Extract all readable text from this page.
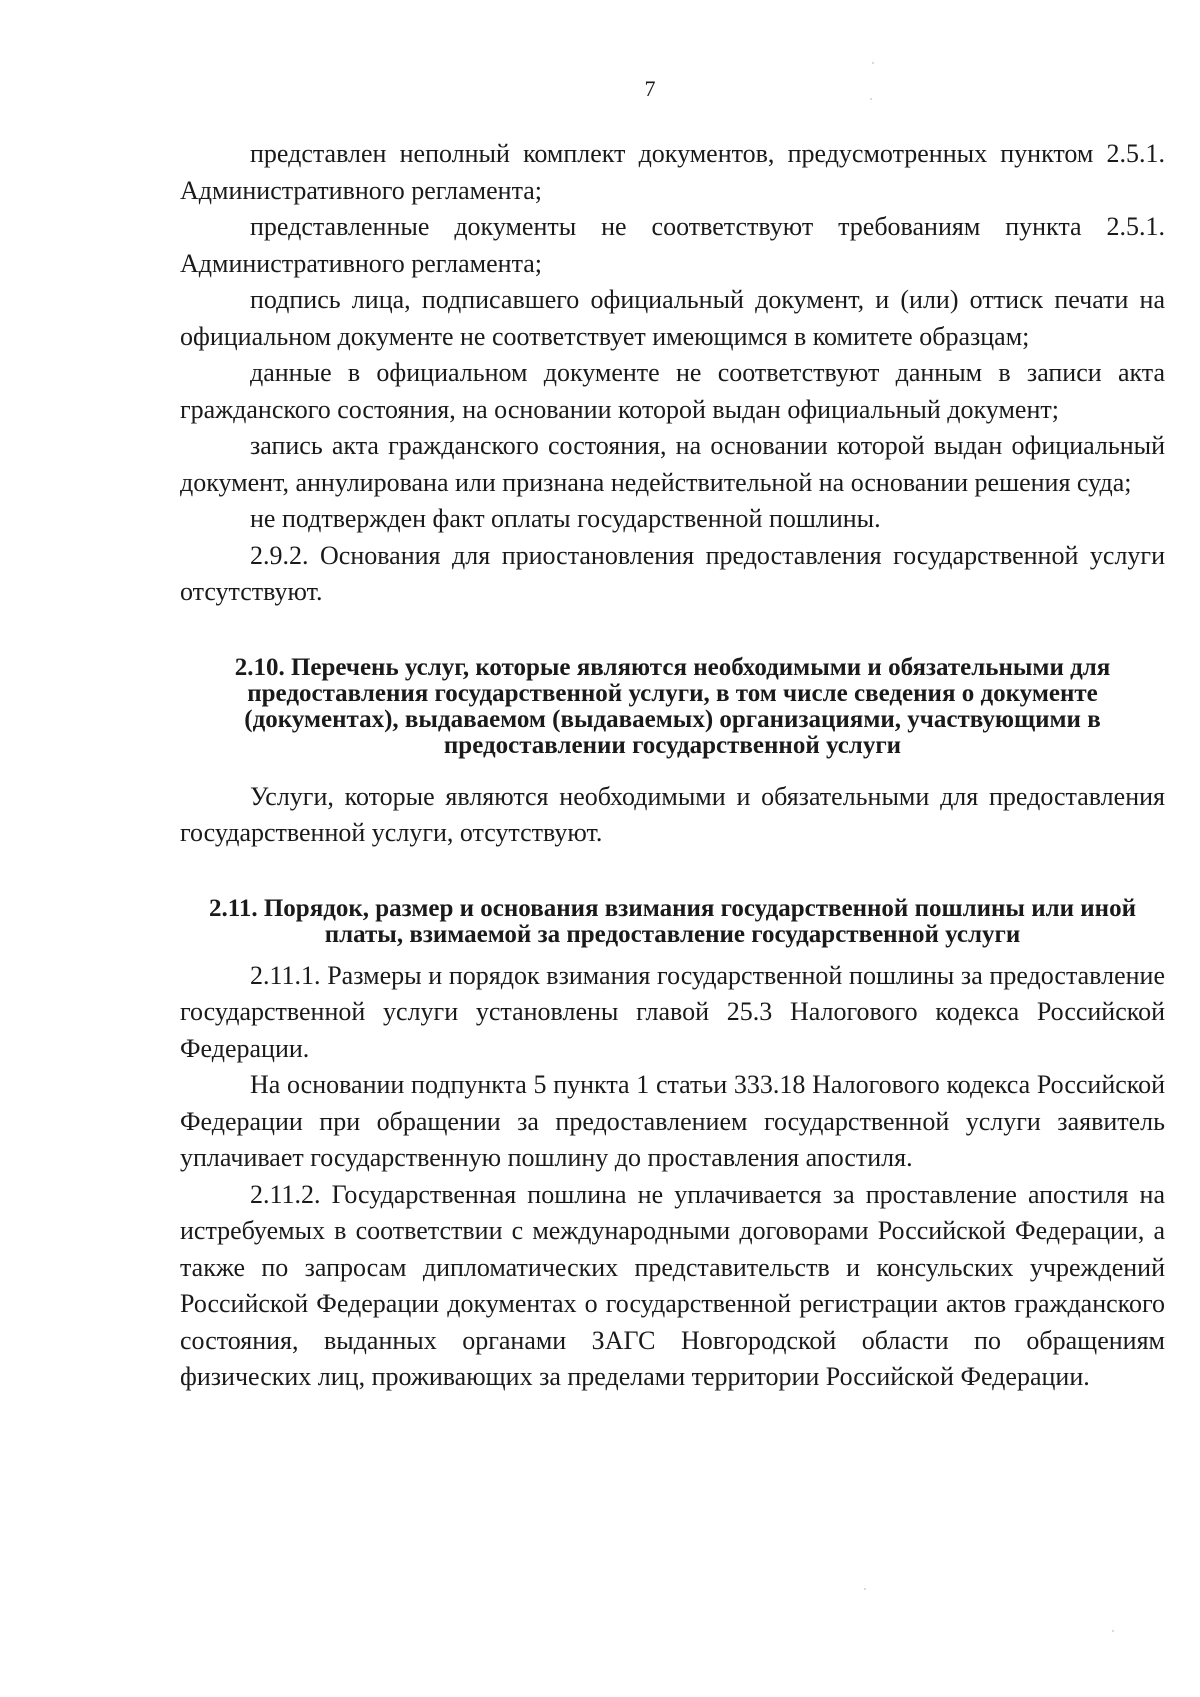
7

представлен неполный комплект документов, предусмотренных пунктом 2.5.1. Административного регламента;

представленные документы не соответствуют требованиям пункта 2.5.1. Административного регламента;

подпись лица, подписавшего официальный документ, и (или) оттиск печати на официальном документе не соответствует имеющимся в комитете образцам;

данные в официальном документе не соответствуют данным в записи акта гражданского состояния, на основании которой выдан официальный документ;

запись акта гражданского состояния, на основании которой выдан официальный документ, аннулирована или признана недействительной на основании решения суда;

не подтвержден факт оплаты государственной пошлины.

2.9.2. Основания для приостановления предоставления государственной услуги отсутствуют.

2.10. Перечень услуг, которые являются необходимыми и обязательными для предоставления государственной услуги, в том числе сведения о документе (документах), выдаваемом (выдаваемых) организациями, участвующими в предоставлении государственной услуги

Услуги, которые являются необходимыми и обязательными для предоставления государственной услуги, отсутствуют.

2.11. Порядок, размер и основания взимания государственной пошлины или иной платы, взимаемой за предоставление государственной услуги

2.11.1. Размеры и порядок взимания государственной пошлины за предоставление государственной услуги установлены главой 25.3 Налогового кодекса Российской Федерации.

На основании подпункта 5 пункта 1 статьи 333.18 Налогового кодекса Российской Федерации при обращении за предоставлением государственной услуги заявитель уплачивает государственную пошлину до проставления апостиля.

2.11.2. Государственная пошлина не уплачивается за проставление апостиля на истребуемых в соответствии с международными договорами Российской Федерации, а также по запросам дипломатических представительств и консульских учреждений Российской Федерации документах о государственной регистрации актов гражданского состояния, выданных органами ЗАГС Новгородской области по обращениям физических лиц, проживающих за пределами территории Российской Федерации.
